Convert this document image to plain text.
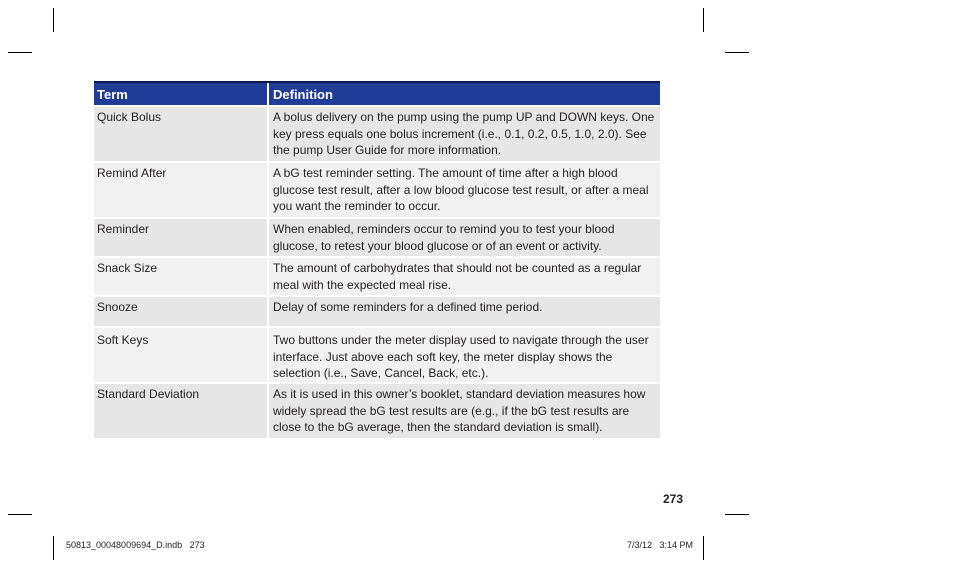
Term	Definition
Quick Bolus	A bolus delivery on the pump using the pump UP and DOWN keys. One key press equals one bolus increment (i.e., 0.1, 0.2, 0.5, 1.0, 2.0). See the pump User Guide for more information.
Remind After	A bG test reminder setting. The amount of time after a high blood glucose test result, after a low blood glucose test result, or after a meal you want the reminder to occur.
Reminder	When enabled, reminders occur to remind you to test your blood glucose, to retest your blood glucose or of an event or activity.
Snack Size	The amount of carbohydrates that should not be counted as a regular meal with the expected meal rise.
Snooze	Delay of some reminders for a defined time period.
Soft Keys	Two buttons under the meter display used to navigate through the user interface. Just above each soft key, the meter display shows the selection (i.e., Save, Cancel, Back, etc.).
Standard Deviation	As it is used in this owner’s booklet, standard deviation measures how widely spread the bG test results are (e.g., if the bG test results are close to the bG average, then the standard deviation is small).
273
50813_00048009694_D.indb   273	7/3/12   3:14 PM
